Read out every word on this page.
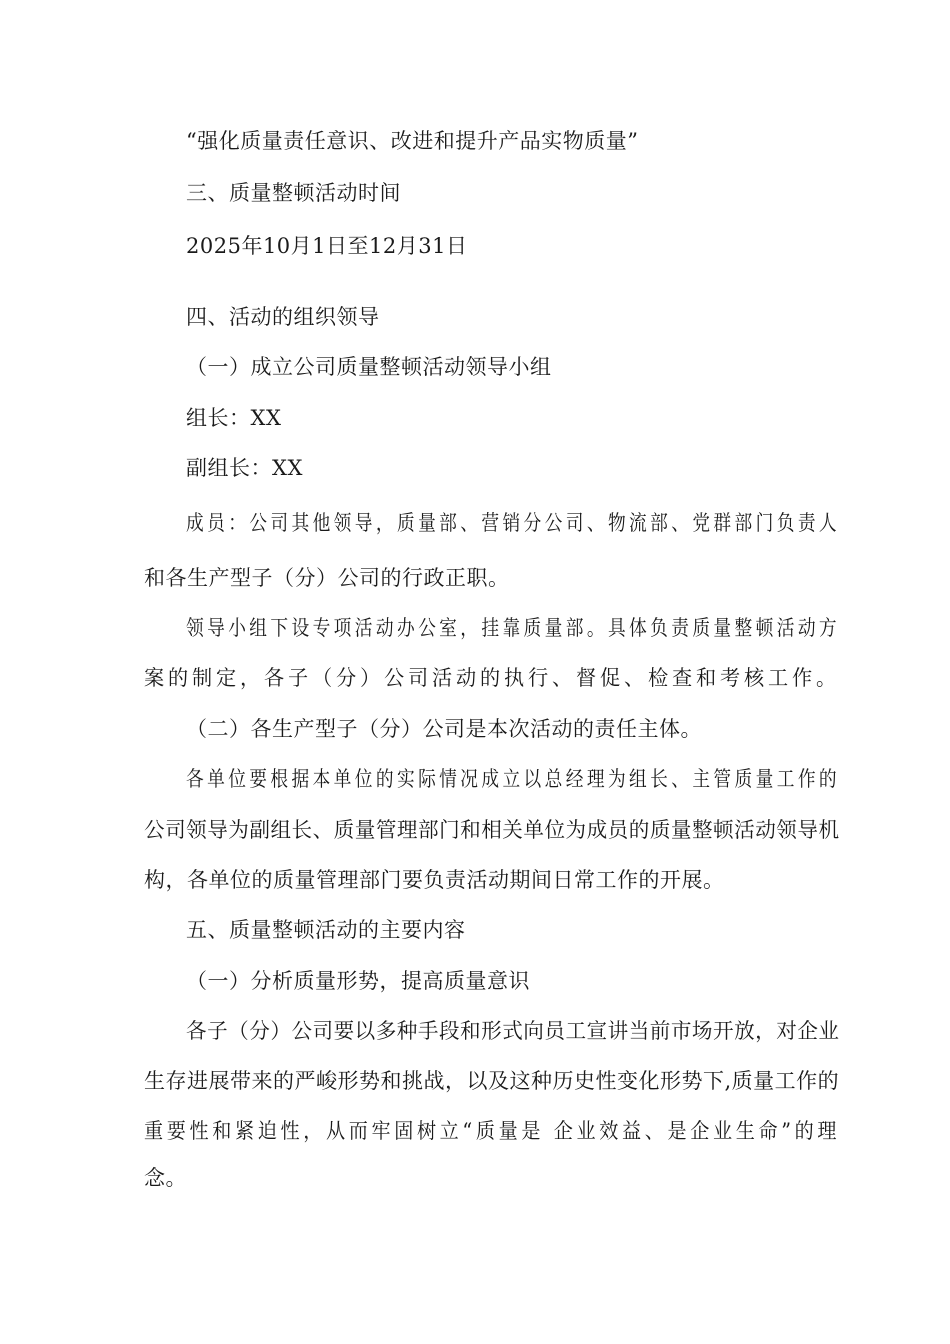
“强化质量责任意识、改进和提升产品实物质量”
三、质量整顿活动时间
2025年10月1日至12月31日
四、活动的组织领导
（一）成立公司质量整顿活动领导小组
组长：XX
副组长：XX
成员：公司其他领导，质量部、营销分公司、物流部、党群部门负责人
和各生产型子（分）公司的行政正职。
领导小组下设专项活动办公室，挂靠质量部。具体负责质量整顿活动方
案的制定，各子（分）公司活动的执行、督促、检查和考核工作。
（二）各生产型子（分）公司是本次活动的责任主体。
各单位要根据本单位的实际情况成立以总经理为组长、主管质量工作的
公司领导为副组长、质量管理部门和相关单位为成员的质量整顿活动领导机
构，各单位的质量管理部门要负责活动期间日常工作的开展。
五、质量整顿活动的主要内容
（一）分析质量形势，提高质量意识
各子（分）公司要以多种手段和形式向员工宣讲当前市场开放，对企业
生存进展带来的严峻形势和挑战，以及这种历史性变化形势下,质量工作的
重要性和紧迫性，从而牢固树立“质量是 企业效益、是企业生命”的理
念。
